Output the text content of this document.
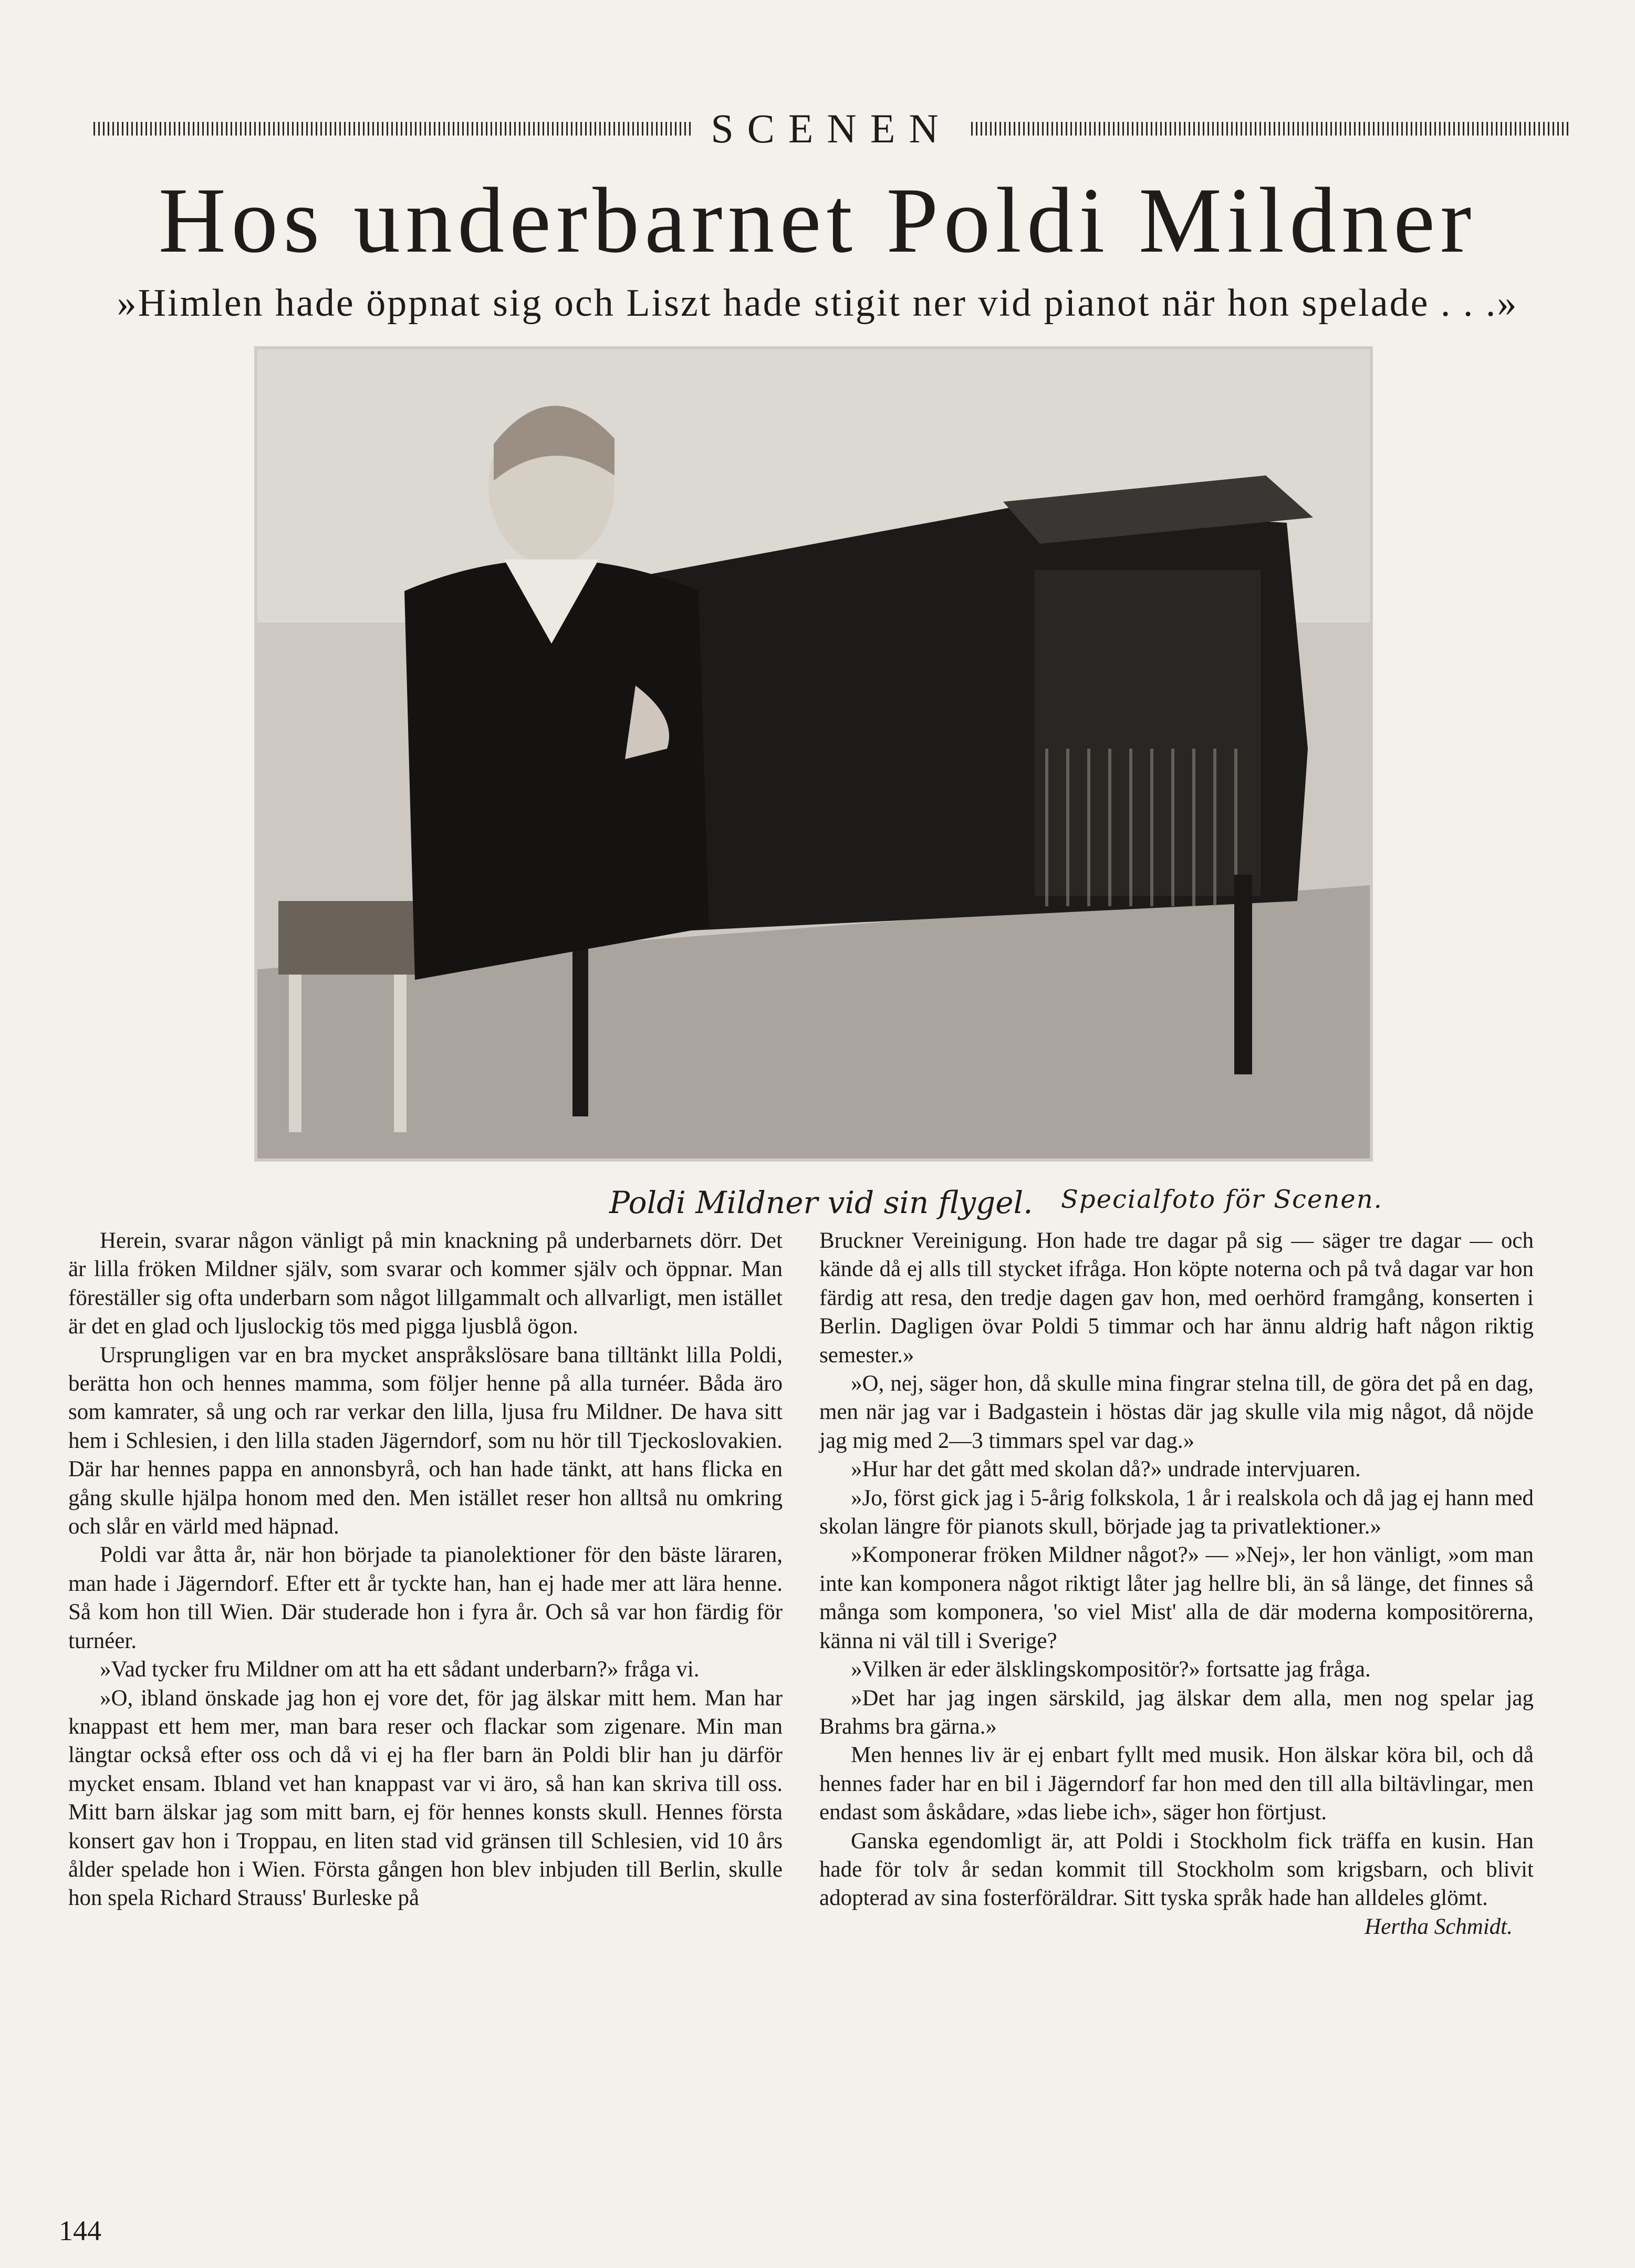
SCENEN
Hos underbarnet Poldi Mildner
»Himlen hade öppnat sig och Liszt hade stigit ner vid pianot när hon spelade . . .»
Poldi Mildner vid sin flygel. Specialfoto för Scenen.

Herein, svarar någon vänligt på min knackning på underbarnets dörr. Det är lilla fröken Mildner själv, som svarar och kommer själv och öppnar. Man föreställer sig ofta underbarn som något lillgammalt och allvarligt, men istället är det en glad och ljuslockig tös med pigga ljusblå ögon.

Ursprungligen var en bra mycket anspråkslösare bana tilltänkt lilla Poldi, berätta hon och hennes mamma, som följer henne på alla turnéer. Båda äro som kamrater, så ung och rar verkar den lilla, ljusa fru Mildner. De hava sitt hem i Schlesien, i den lilla staden Jägerndorf, som nu hör till Tjeckoslovakien. Där har hennes pappa en annonsbyrå, och han hade tänkt, att hans flicka en gång skulle hjälpa honom med den. Men istället reser hon alltså nu omkring och slår en värld med häpnad.

Poldi var åtta år, när hon började ta pianolektioner för den bäste läraren, man hade i Jägerndorf. Efter ett år tyckte han, han ej hade mer att lära henne. Så kom hon till Wien. Där studerade hon i fyra år. Och så var hon färdig för turnéer.

»Vad tycker fru Mildner om att ha ett sådant underbarn?» fråga vi.

»O, ibland önskade jag hon ej vore det, för jag älskar mitt hem. Man har knappast ett hem mer, man bara reser och flackar som zigenare. Min man längtar också efter oss och då vi ej ha fler barn än Poldi blir han ju därför mycket ensam. Ibland vet han knappast var vi äro, så han kan skriva till oss. Mitt barn älskar jag som mitt barn, ej för hennes konsts skull. Hennes första konsert gav hon i Troppau, en liten stad vid gränsen till Schlesien, vid 10 års ålder spelade hon i Wien. Första gången hon blev inbjuden till Berlin, skulle hon spela Richard Strauss' Burleske på

Bruckner Vereinigung. Hon hade tre dagar på sig — säger tre dagar — och kände då ej alls till stycket ifråga. Hon köpte noterna och på två dagar var hon färdig att resa, den tredje dagen gav hon, med oerhörd framgång, konserten i Berlin. Dagligen övar Poldi 5 timmar och har ännu aldrig haft någon riktig semester.»

»O, nej, säger hon, då skulle mina fingrar stelna till, de göra det på en dag, men när jag var i Badgastein i höstas där jag skulle vila mig något, då nöjde jag mig med 2—3 timmars spel var dag.»

»Hur har det gått med skolan då?» undrade intervjuaren.

»Jo, först gick jag i 5-årig folkskola, 1 år i realskola och då jag ej hann med skolan längre för pianots skull, började jag ta privatlektioner.»

»Komponerar fröken Mildner något?» — »Nej», ler hon vänligt, »om man inte kan komponera något riktigt låter jag hellre bli, än så länge, det finnes så många som komponera, 'so viel Mist' alla de där moderna kompositörerna, känna ni väl till i Sverige?

»Vilken är eder älsklingskompositör?» fortsatte jag fråga.

»Det har jag ingen särskild, jag älskar dem alla, men nog spelar jag Brahms bra gärna.»

Men hennes liv är ej enbart fyllt med musik. Hon älskar köra bil, och då hennes fader har en bil i Jägerndorf far hon med den till alla biltävlingar, men endast som åskådare, »das liebe ich», säger hon förtjust.

Ganska egendomligt är, att Poldi i Stockholm fick träffa en kusin. Han hade för tolv år sedan kommit till Stockholm som krigsbarn, och blivit adopterad av sina fosterföräldrar. Sitt tyska språk hade han alldeles glömt.

Hertha Schmidt.

144
